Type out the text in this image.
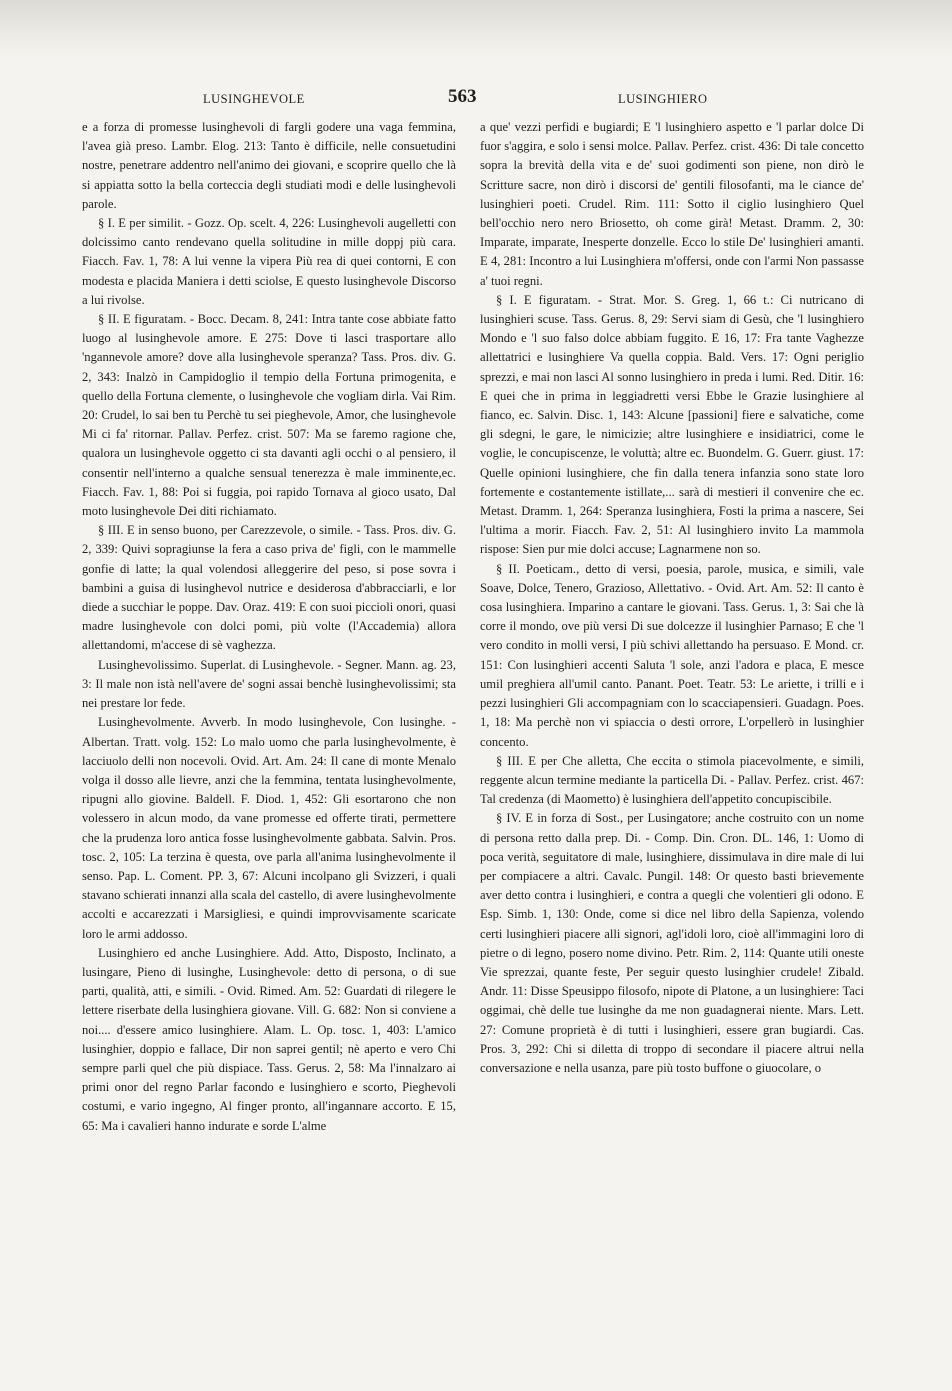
LUSINGHEVOLE	563	LUSINGHIERO

e a forza di promesse lusinghevoli di fargli godere una vaga femmina, l'avea già preso. Lambr. Elog. 213: Tanto è difficile, nelle consuetudini nostre, penetrare addentro nell'animo dei giovani, e scoprire quello che là si appiatta sotto la bella corteccia degli studiati modi e delle lusinghevoli parole.

§ I. E per similit. - Gozz. Op. scelt. 4, 226: Lusinghevoli augelletti con dolcissimo canto rendevano quella solitudine in mille doppj più cara. Fiacch. Fav. 1, 78: A lui venne la vipera Più rea di quei contorni, E con modesta e placida Maniera i detti sciolse, E questo lusinghevole Discorso a lui rivolse.

§ II. E figuratam. - Bocc. Decam. 8, 241: Intra tante cose abbiate fatto luogo al lusinghevole amore. E 275: Dove ti lasci trasportare allo 'ngannevole amore? dove alla lusinghevole speranza? Tass. Pros. div. G. 2, 343: Inalzò in Campidoglio il tempio della Fortuna primogenita, e quello della Fortuna clemente, o lusinghevole che vogliam dirla. Vai Rim. 20: Crudel, lo sai ben tu Perchè tu sei pieghevole, Amor, che lusinghevole Mi ci fa' ritornar. Pallav. Perfez. crist. 507: Ma se faremo ragione che, qualora un lusinghevole oggetto ci sta davanti agli occhi o al pensiero, il consentir nell'interno a qualche sensual tenerezza è male imminente,ec. Fiacch. Fav. 1, 88: Poi si fuggia, poi rapido Tornava al gioco usato, Dal moto lusinghevole Dei diti richiamato.

§ III. E in senso buono, per Carezzevole, o simile. - Tass. Pros. div. G. 2, 339: Quivi sopragiunse la fera a caso priva de' figli, con le mammelle gonfie di latte; la qual volendosi alleggerire del peso, si pose sovra i bambini a guisa di lusinghevol nutrice e desiderosa d'abbracciarli, e lor diede a succhiar le poppe. Dav. Oraz. 419: E con suoi piccioli onori, quasi madre lusinghevole con dolci pomi, più volte (l'Accademia) allora allettandomi, m'accese di sè vaghezza.

Lusinghevolissimo. Superlat. di Lusinghevole. - Segner. Mann. ag. 23, 3: Il male non istà nell'avere de' sogni assai benchè lusinghevolissimi; sta nei prestare lor fede.

Lusinghevolmente. Avverb. In modo lusinghevole, Con lusinghe. - Albertan. Tratt. volg. 152: Lo malo uomo che parla lusinghevolmente, è lacciuolo delli non nocevoli. Ovid. Art. Am. 24: Il cane di monte Menalo volga il dosso alle lievre, anzi che la femmina, tentata lusinghevolmente, ripugni allo giovine. Baldell. F. Diod. 1, 452: Gli esortarono che non volessero in alcun modo, da vane promesse ed offerte tirati, permettere che la prudenza loro antica fosse lusinghevolmente gabbata. Salvin. Pros. tosc. 2, 105: La terzina è questa, ove parla all'anima lusinghevolmente il senso. Pap. L. Coment. PP. 3, 67: Alcuni incolpano gli Svizzeri, i quali stavano schierati innanzi alla scala del castello, di avere lusinghevolmente accolti e accarezzati i Marsigliesi, e quindi improvvisamente scaricate loro le armi addosso.

Lusinghiero ed anche Lusinghiere. Add. Atto, Disposto, Inclinato, a lusingare, Pieno di lusinghe, Lusinghevole: detto di persona, o di sue parti, qualità, atti, e simili. - Ovid. Rimed. Am. 52: Guardati di rilegere le lettere riserbate della lusinghiera giovane. Vill. G. 682: Non si conviene a noi.... d'essere amico lusinghiere. Alam. L. Op. tosc. 1, 403: L'amico lusinghier, doppio e fallace, Dir non saprei gentil; nè aperto e vero Chi sempre parli quel che più dispiace. Tass. Gerus. 2, 58: Ma l'innalzaro ai primi onor del regno Parlar facondo e lusinghiero e scorto, Pieghevoli costumi, e vario ingegno, Al finger pronto, all'ingannare accorto. E 15, 65: Ma i cavalieri hanno indurate e sorde L'alme

a que' vezzi perfidi e bugiardi; E 'l lusinghiero aspetto e 'l parlar dolce Di fuor s'aggira, e solo i sensi molce. Pallav. Perfez. crist. 436: Di tale concetto sopra la brevità della vita e de' suoi godimenti son piene, non dirò le Scritture sacre, non dirò i discorsi de' gentili filosofanti, ma le ciance de' lusinghieri poeti. Crudel. Rim. 111: Sotto il ciglio lusinghiero Quel bell'occhio nero nero Briosetto, oh come girà! Metast. Dramm. 2, 30: Imparate, imparate, Inesperte donzelle. Ecco lo stile De' lusinghieri amanti. E 4, 281: Incontro a lui Lusinghiera m'offersi, onde con l'armi Non passasse a' tuoi regni.

§ I. E figuratam. - Strat. Mor. S. Greg. 1, 66 t.: Ci nutricano di lusinghieri scuse. Tass. Gerus. 8, 29: Servi siam di Gesù, che 'l lusinghiero Mondo e 'l suo falso dolce abbiam fuggito. E 16, 17: Fra tante Vaghezze allettatrici e lusinghiere Va quella coppia. Bald. Vers. 17: Ogni periglio sprezzi, e mai non lasci Al sonno lusinghiero in preda i lumi. Red. Ditir. 16: E quei che in prima in leggiadretti versi Ebbe le Grazie lusinghiere al fianco, ec. Salvin. Disc. 1, 143: Alcune [passioni] fiere e salvatiche, come gli sdegni, le gare, le nimicizie; altre lusinghiere e insidiatrici, come le voglie, le concupiscenze, le voluttà; altre ec. Buondelm. G. Guerr. giust. 17: Quelle opinioni lusinghiere, che fin dalla tenera infanzia sono state loro fortemente e costantemente istillate,... sarà di mestieri il convenire che ec. Metast. Dramm. 1, 264: Speranza lusinghiera, Fosti la prima a nascere, Sei l'ultima a morir. Fiacch. Fav. 2, 51: Al lusinghiero invito La mammola rispose: Sien pur mie dolci accuse; Lagnarmene non so.

§ II. Poeticam., detto di versi, poesia, parole, musica, e simili, vale Soave, Dolce, Tenero, Grazioso, Allettativo. - Ovid. Art. Am. 52: Il canto è cosa lusinghiera. Imparino a cantare le giovani. Tass. Gerus. 1, 3: Sai che là corre il mondo, ove più versi Di sue dolcezze il lusinghier Parnaso; E che 'l vero condito in molli versi, I più schivi allettando ha persuaso. E Mond. cr. 151: Con lusinghieri accenti Saluta 'l sole, anzi l'adora e placa, E mesce umil preghiera all'umil canto. Panant. Poet. Teatr. 53: Le ariette, i trilli e i pezzi lusinghieri Gli accompagniam con lo scacciapensieri. Guadagn. Poes. 1, 18: Ma perchè non vi spiaccia o desti orrore, L'orpellerò in lusinghier concento.

§ III. E per Che alletta, Che eccita o stimola piacevolmente, e simili, reggente alcun termine mediante la particella Di. - Pallav. Perfez. crist. 467: Tal credenza (di Maometto) è lusinghiera dell'appetito concupiscibile.

§ IV. E in forza di Sost., per Lusingatore; anche costruito con un nome di persona retto dalla prep. Di. - Comp. Din. Cron. DL. 146, 1: Uomo di poca verità, seguitatore di male, lusinghiere, dissimulava in dire male di lui per compiacere a altri. Cavalc. Pungil. 148: Or questo basti brievemente aver detto contra i lusinghieri, e contra a quegli che volentieri gli odono. E Esp. Simb. 1, 130: Onde, come si dice nel libro della Sapienza, volendo certi lusinghieri piacere alli signori, agl'idoli loro, cioè all'immagini loro di pietre o di legno, posero nome divino. Petr. Rim. 2, 114: Quante utili oneste Vie sprezzai, quante feste, Per seguir questo lusinghier crudele! Zibald. Andr. 11: Disse Speusippo filosofo, nipote di Platone, a un lusinghiere: Taci oggimai, chè delle tue lusinghe da me non guadagnerai niente. Mars. Lett. 27: Comune proprietà è di tutti i lusinghieri, essere gran bugiardi. Cas. Pros. 3, 292: Chi si diletta di troppo di secondare il piacere altrui nella conversazione e nella usanza, pare più tosto buffone o giuocolare, o
